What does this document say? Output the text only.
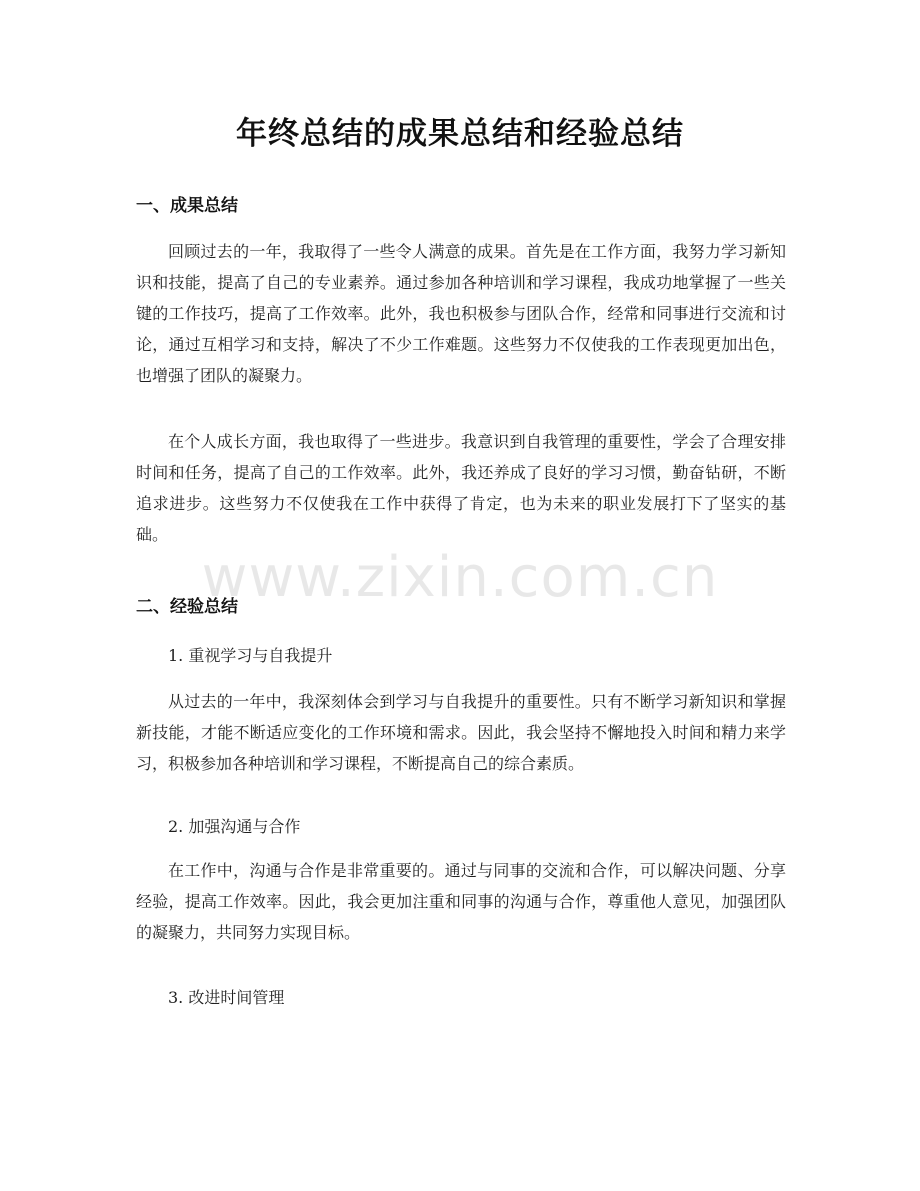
年终总结的成果总结和经验总结
一、成果总结

回顾过去的一年，我取得了一些令人满意的成果。首先是在工作方面，我努力学习新知识和技能，提高了自己的专业素养。通过参加各种培训和学习课程，我成功地掌握了一些关键的工作技巧，提高了工作效率。此外，我也积极参与团队合作，经常和同事进行交流和讨论，通过互相学习和支持，解决了不少工作难题。这些努力不仅使我的工作表现更加出色，也增强了团队的凝聚力。

在个人成长方面，我也取得了一些进步。我意识到自我管理的重要性，学会了合理安排时间和任务，提高了自己的工作效率。此外，我还养成了良好的学习习惯，勤奋钻研，不断追求进步。这些努力不仅使我在工作中获得了肯定，也为未来的职业发展打下了坚实的基础。

二、经验总结

1. 重视学习与自我提升

从过去的一年中，我深刻体会到学习与自我提升的重要性。只有不断学习新知识和掌握新技能，才能不断适应变化的工作环境和需求。因此，我会坚持不懈地投入时间和精力来学习，积极参加各种培训和学习课程，不断提高自己的综合素质。

2. 加强沟通与合作

在工作中，沟通与合作是非常重要的。通过与同事的交流和合作，可以解决问题、分享经验，提高工作效率。因此，我会更加注重和同事的沟通与合作，尊重他人意见，加强团队的凝聚力，共同努力实现目标。

3. 改进时间管理

www.zixin.com.cn
